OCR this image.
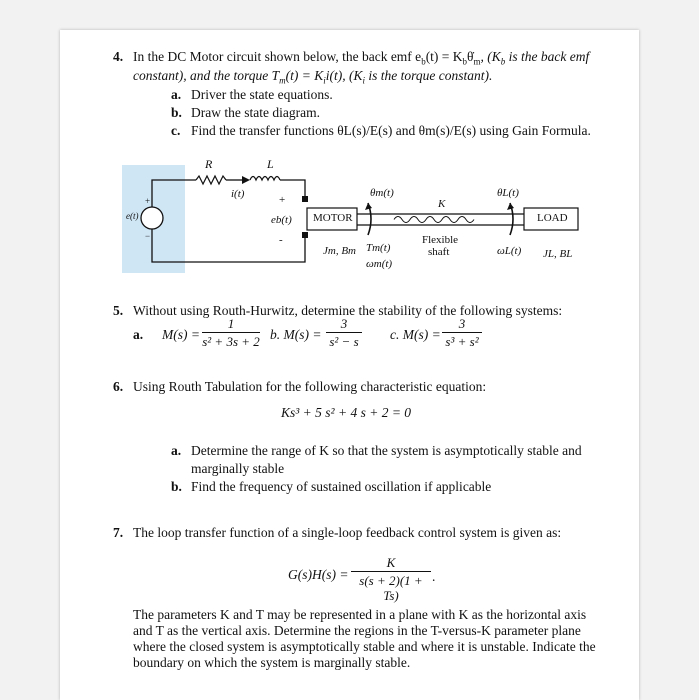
4. In the DC Motor circuit shown below, the back emf $e_b(t)$ = $K_b\thetȧ_m$, ($K_b$ is the back emf
constant), and the torque $T_m(t) = K_ii(t)$, ($K_i$ is the torque constant).
a. Driver the state equations.
b. Draw the state diagram.
c. Find the transfer functions θL(s)/E(s) and θm(s)/E(s) using Gain Formula.
R	L
i(t)	+
+
−
e(t)	eb(t)
-
MOTOR
θm(t)
K
θL(t)
LOAD
Flexible
shaft
Jm, Bm Tm(t)
ωm(t)
ωL(t) JL, BL
5. Without using Routh-Hurwitz, determine the stability of the following systems:
a. M(s) =
1
s² + 3s + 2 b. M(s) =
3
s² − s c. M(s) =
3
s³ + s²
6. Using Routh Tabulation for the following characteristic equation:
Ks³ + 5 s² + 4 s + 2 = 0
a. Determine the range of K so that the system is asymptotically stable and
marginally stable
b. Find the frequency of sustained oscillation if applicable
7. The loop transfer function of a single-loop feedback control system is given as:
G(s)H(s) =
K
s(s + 2)(1 + Ts)
.
The parameters K and T may be represented in a plane with K as the horizontal axis
and T as the vertical axis. Determine the regions in the T-versus-K parameter plane
where the closed system is asymptotically stable and where it is unstable. Indicate the
boundary on which the system is marginally stable.
